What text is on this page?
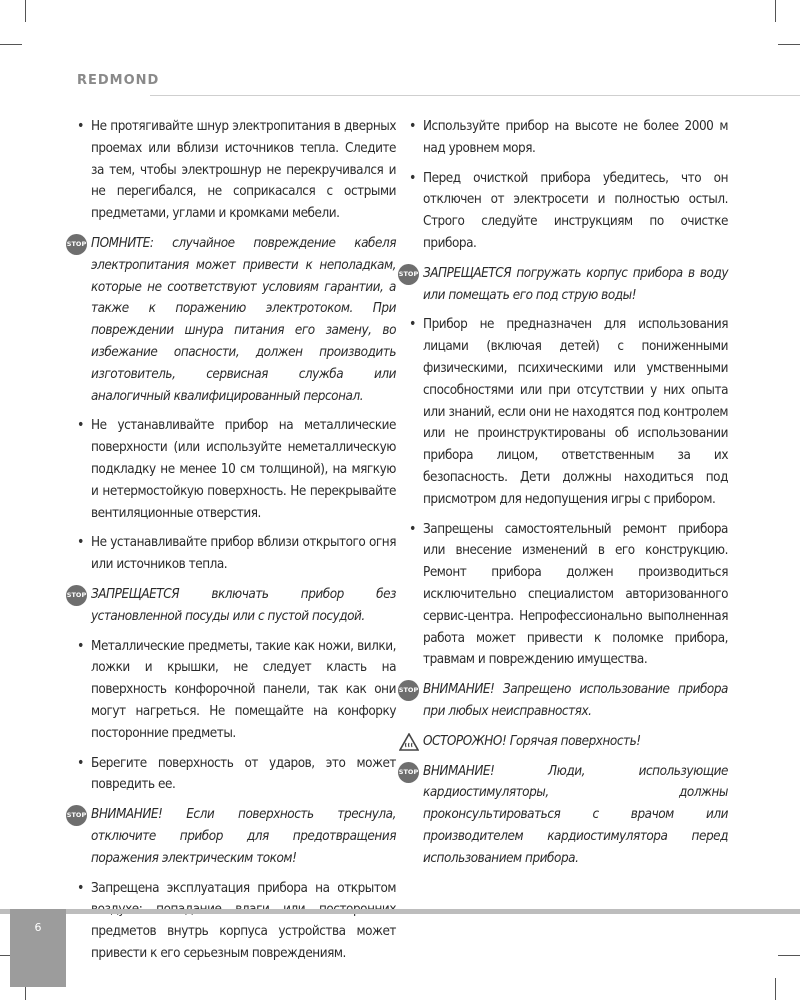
REDMOND
• Не протягивайте шнур электропитания в дверных проемах или вблизи источников тепла. Следите за тем, чтобы электрошнур не перекручивался и не перегибался, не соприкасался с острыми предметами, углами и кромками мебели.
STOP ПОМНИТЕ: случайное повреждение кабеля электропитания может привести к неполадкам, которые не соответствуют условиям гарантии, а также к поражению электротоком. При повреждении шнура питания его замену, во избежание опасности, должен производить изготовитель, сервисная служба или аналогичный квалифицированный персонал.
• Не устанавливайте прибор на металлические поверхности (или используйте неметаллическую подкладку не менее 10 см толщиной), на мягкую и нетермостойкую поверхность. Не перекрывайте вентиляционные отверстия.
• Не устанавливайте прибор вблизи открытого огня или источников тепла.
STOP ЗАПРЕЩАЕТСЯ включать прибор без установленной посуды или с пустой посудой.
• Металлические предметы, такие как ножи, вилки, ложки и крышки, не следует класть на поверхность конфорочной панели, так как они могут нагреться. Не помещайте на конфорку посторонние предметы.
• Берегите поверхность от ударов, это может повредить ее.
STOP ВНИМАНИЕ! Если поверхность треснула, отключите прибор для предотвращения поражения электрическим током!
• Запрещена эксплуатация прибора на открытом предметов внутрь корпуса устройства может привести к его серьезным повреждениям.
• Используйте прибор на высоте не более 2000 м над уровнем моря.
• Перед очисткой прибора убедитесь, что он отключен от электросети и полностью остыл. Строго следуйте инструкциям по очистке прибора.
STOP ЗАПРЕЩАЕТСЯ погружать корпус прибора в воду или помещать его под струю воды!
• Прибор не предназначен для использования лицами (включая детей) с пониженными физическими, психическими или умственными способностями или при отсутствии у них опыта или знаний, если они не находятся под контролем или не проинструктированы об использовании прибора лицом, ответственным за их безопасность. Дети должны находиться под присмотром для недопущения игры с прибором.
• Запрещены самостоятельный ремонт прибора или внесение изменений в его конструкцию. Ремонт прибора должен производиться исключительно специалистом авторизованного сервис-центра. Непрофессионально выполненная работа может привести к поломке прибора, травмам и повреждению имущества.
STOP ВНИМАНИЕ! Запрещено использование прибора при любых неисправностях.
ОСТОРОЖНО! Горячая поверхность!
STOP ВНИМАНИЕ! Люди, использующие кардиостимуляторы, должны проконсультироваться с врачом или производителем кардиостимулятора перед использованием прибора.
6
